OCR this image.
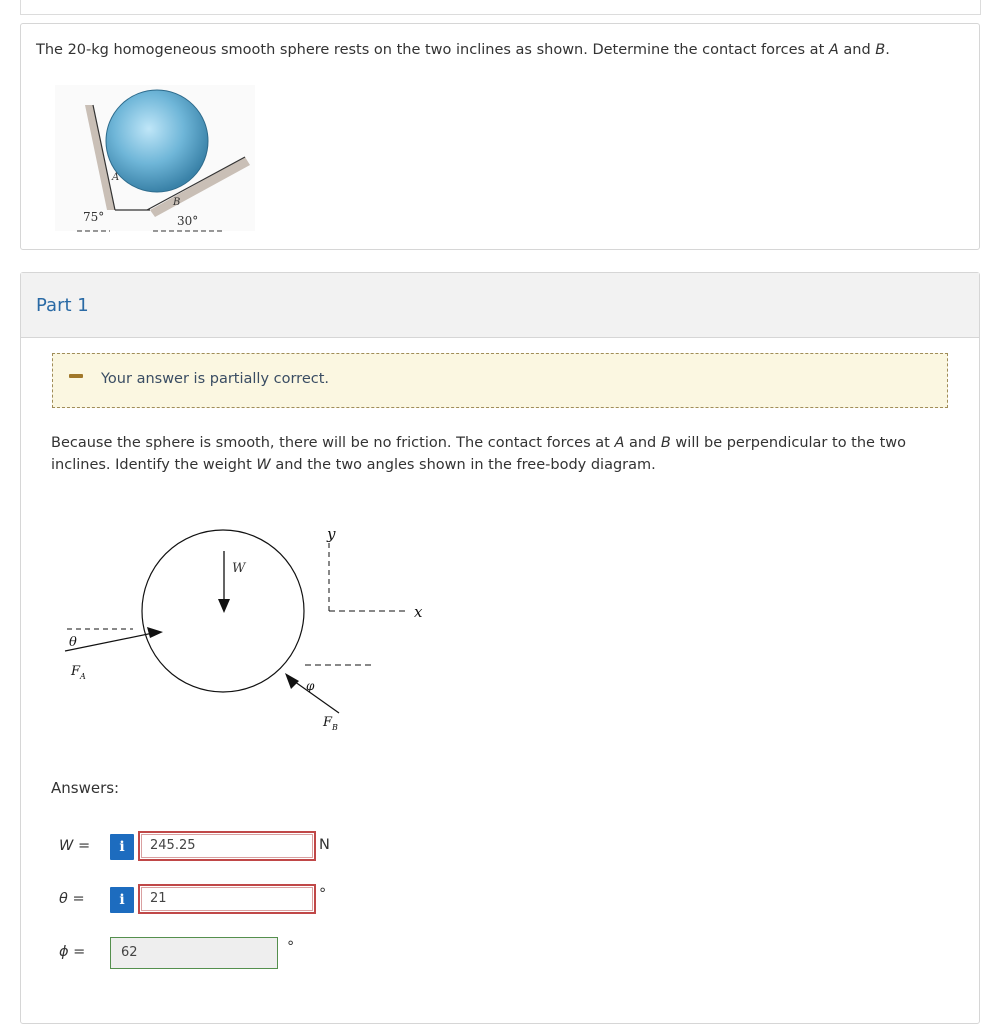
The 20-kg homogeneous smooth sphere rests on the two inclines as shown. Determine the contact forces at A and B.
A
B
75°	30°
Part 1
Your answer is partially correct.
Because the sphere is smooth, there will be no friction. The contact forces at A and B will be perpendicular to the two inclines. Identify the weight W and the two angles shown in the free-body diagram.
W
y
x
θ
F A
φ
F B
Answers:
W =	i	245.25	N
θ =	i	21	°
ϕ =	62	°
